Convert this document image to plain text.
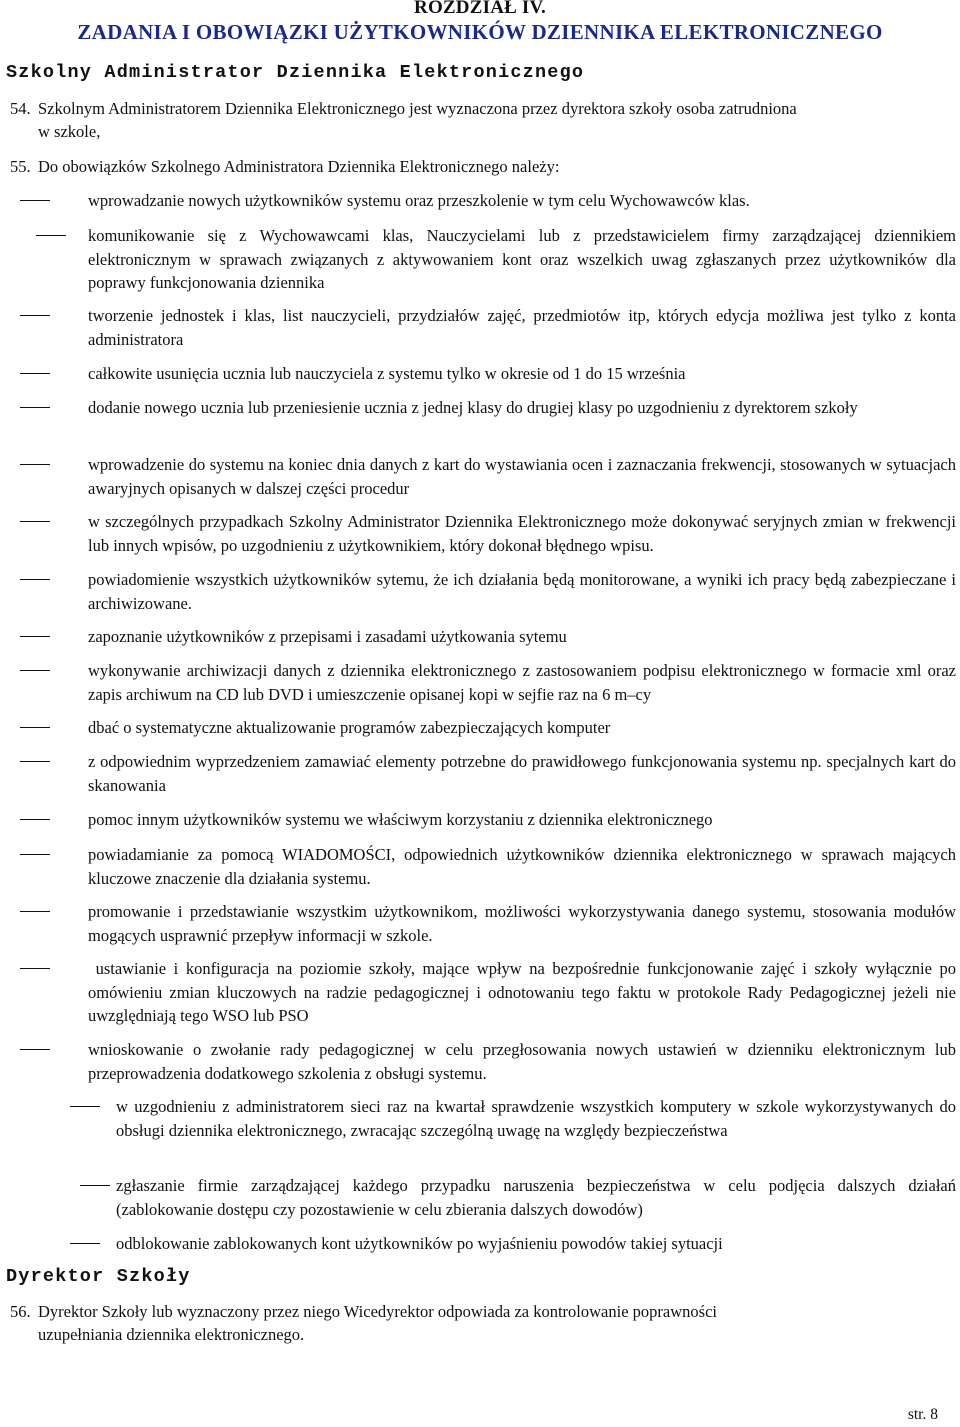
ROZDZIAŁ IV.
ZADANIA I OBOWIĄZKI UŻYTKOWNIKÓW DZIENNIKA ELEKTRONICZNEGO
Szkolny Administrator Dziennika Elektronicznego
54. Szkolnym Administratorem Dziennika Elektronicznego jest wyznaczona przez dyrektora szkoły osoba zatrudniona
w szkole,
55. Do obowiązków Szkolnego Administratora Dziennika Elektronicznego należy:
wprowadzanie nowych użytkowników systemu oraz przeszkolenie w tym celu Wychowawców klas.
komunikowanie się z Wychowawcami klas, Nauczycielami lub z przedstawicielem firmy zarządzającej dziennikiem elektronicznym w sprawach związanych z aktywowaniem kont oraz wszelkich uwag zgłaszanych przez użytkowników dla poprawy funkcjonowania dziennika
tworzenie jednostek i klas, list nauczycieli, przydziałów zajęć, przedmiotów itp, których edycja możliwa jest tylko z konta administratora
całkowite usunięcia ucznia lub nauczyciela z systemu tylko w okresie od 1 do 15 września
dodanie nowego ucznia lub przeniesienie ucznia z jednej klasy do drugiej klasy po uzgodnieniu z dyrektorem szkoły
wprowadzenie do systemu na koniec dnia danych z kart do wystawiania ocen i zaznaczania frekwencji, stosowanych w sytuacjach awaryjnych opisanych w dalszej części procedur
w szczególnych przypadkach Szkolny Administrator Dziennika Elektronicznego może dokonywać seryjnych zmian w frekwencji lub innych wpisów, po uzgodnieniu z użytkownikiem, który dokonał błędnego wpisu.
powiadomienie wszystkich użytkowników sytemu, że ich działania będą monitorowane, a wyniki ich pracy będą zabezpieczane i archiwizowane.
zapoznanie użytkowników z przepisami i zasadami użytkowania sytemu
wykonywanie archiwizacji danych z dziennika elektronicznego z zastosowaniem podpisu elektronicznego w formacie xml oraz zapis archiwum na CD lub DVD i umieszczenie opisanej kopi w sejfie raz na 6 m–cy
dbać o systematyczne aktualizowanie programów zabezpieczających komputer
z odpowiednim wyprzedzeniem zamawiać elementy potrzebne do prawidłowego funkcjonowania systemu np. specjalnych kart do skanowania
pomoc innym użytkowników systemu we właściwym korzystaniu z dziennika elektronicznego
powiadamianie za pomocą WIADOMOŚCI, odpowiednich użytkowników dziennika elektronicznego w sprawach mających kluczowe znaczenie dla działania systemu.
promowanie i przedstawianie wszystkim użytkownikom, możliwości wykorzystywania danego systemu, stosowania modułów mogących usprawnić przepływ informacji w szkole.
ustawianie i konfiguracja na poziomie szkoły, mające wpływ na bezpośrednie funkcjonowanie zajęć i szkoły wyłącznie po omówieniu zmian kluczowych na radzie pedagogicznej i odnotowaniu tego faktu w protokole Rady Pedagogicznej jeżeli nie uwzględniają tego WSO lub PSO
wnioskowanie o zwołanie rady pedagogicznej w celu przegłosowania nowych ustawień w dzienniku elektronicznym lub przeprowadzenia dodatkowego szkolenia z obsługi systemu.
w uzgodnieniu z administratorem sieci raz na kwartał sprawdzenie wszystkich komputery w szkole wykorzystywanych do obsługi dziennika elektronicznego, zwracając szczególną uwagę na względy bezpieczeństwa
zgłaszanie firmie zarządzającej każdego przypadku naruszenia bezpieczeństwa w celu podjęcia dalszych działań (zablokowanie dostępu czy pozostawienie w celu zbierania dalszych dowodów)
odblokowanie zablokowanych kont użytkowników po wyjaśnieniu powodów takiej sytuacji
Dyrektor Szkoły
56. Dyrektor Szkoły lub wyznaczony przez niego Wicedyrektor odpowiada za kontrolowanie poprawności
uzupełniania dziennika elektronicznego.
str. 8
